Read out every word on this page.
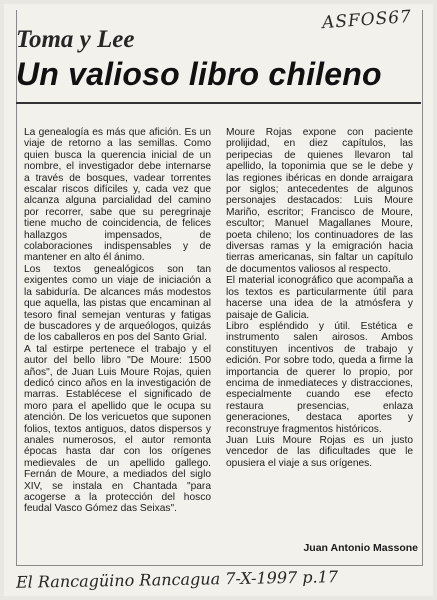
ASFOS67
Toma y Lee
Un valioso libro chileno

La genealogía es más que afición. Es un viaje de retorno a las semillas. Como quien busca la querencia inicial de un nombre, el investigador debe internarse a través de bosques, vadear torrentes escalar riscos difíciles y, cada vez que alcanza alguna parcialidad del camino por recorrer, sabe que su peregrinaje tiene mucho de coincidencia, de felices hallazgos impensados, de colaboraciones indispensables y de mantener en alto él ánimo.

Los textos genealógicos son tan exigentes como un viaje de iniciación a la sabiduría. De alcances más modestos que aquella, las pistas que encaminan al tesoro final semejan venturas y fatigas de buscadores y de arqueólogos, quizás de los caballeros en pos del Santo Grial.

A tal estirpe pertenece el trabajo y el autor del bello libro "De Moure: 1500 años", de Juan Luis Moure Rojas, quien dedicó cinco años en la investigación de marras. Establécese el significado de moro para el apellido que le ocupa su atención. De los vericuetos que suponen folios, textos antiguos, datos dispersos y anales numerosos, el autor remonta épocas hasta dar con los orígenes medievales de un apellido gallego. Fernán de Moure, a mediados del siglo XIV, se instala en Chantada "para acogerse a la protección del hosco feudal Vasco Gómez das Seixas".

Moure Rojas expone con paciente prolijidad, en diez capítulos, las peripecias de quienes llevaron tal apellido, la toponimia que se le debe y las regiones ibéricas en donde arraigara por siglos; antecedentes de algunos personajes destacados: Luis Moure Mariño, escritor; Francisco de Moure, escultor; Manuel Magallanes Moure, poeta chileno; los continuadores de las diversas ramas y la emigración hacia tierras americanas, sin faltar un capítulo de documentos valiosos al respecto.

El material iconográfico que acompaña a los textos es particularmente útil para hacerse una idea de la atmósfera y paisaje de Galicia.

Libro espléndido y útil. Estética e instrumento salen airosos. Ambos constituyen incentivos de trabajo y edición. Por sobre todo, queda a firme la importancia de querer lo propio, por encima de inmediateces y distracciones, especialmente cuando ese efecto restaura presencias, enlaza generaciones, destaca aportes y reconstruye fragmentos históricos.

Juan Luis Moure Rojas es un justo vencedor de las dificultades que le opusiera el viaje a sus orígenes.

Juan Antonio Massone
El Rancagüino Rancagua 7-X-1997 p.17
